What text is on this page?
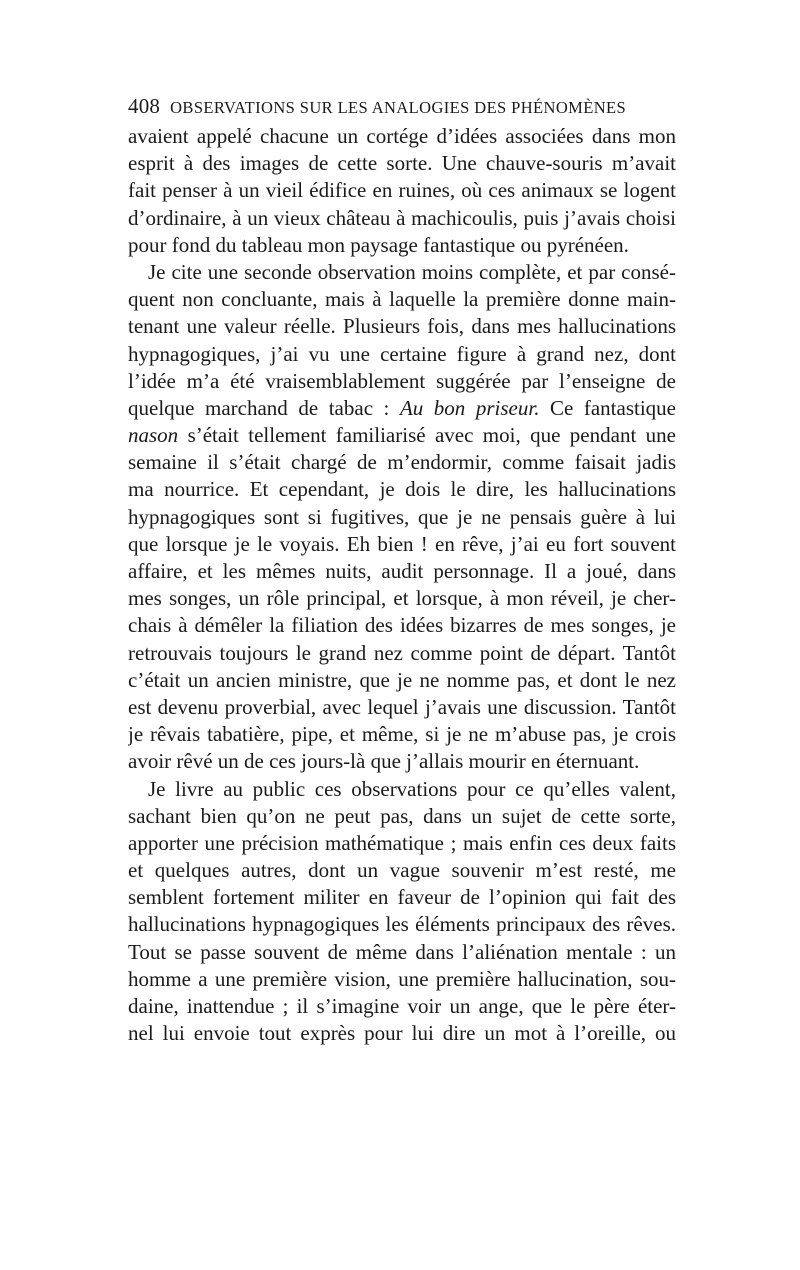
408 OBSERVATIONS SUR LES ANALOGIES DES PHÉNOMÈNES
avaient appelé chacune un cortége d’idées associées dans mon
esprit à des images de cette sorte. Une chauve-souris m’avait
fait penser à un vieil édifice en ruines, où ces animaux se logent
d’ordinaire, à un vieux château à machicoulis, puis j’avais choisi
pour fond du tableau mon paysage fantastique ou pyrénéen.
Je cite une seconde observation moins complète, et par consé-
quent non concluante, mais à laquelle la première donne main-
tenant une valeur réelle. Plusieurs fois, dans mes hallucinations
hypnagogiques, j’ai vu une certaine figure à grand nez, dont
l’idée m’a été vraisemblablement suggérée par l’enseigne de
quelque marchand de tabac : Au bon priseur. Ce fantastique
nason s’était tellement familiarisé avec moi, que pendant une
semaine il s’était chargé de m’endormir, comme faisait jadis
ma nourrice. Et cependant, je dois le dire, les hallucinations
hypnagogiques sont si fugitives, que je ne pensais guère à lui
que lorsque je le voyais. Eh bien ! en rêve, j’ai eu fort souvent
affaire, et les mêmes nuits, audit personnage. Il a joué, dans
mes songes, un rôle principal, et lorsque, à mon réveil, je cher-
chais à démêler la filiation des idées bizarres de mes songes, je
retrouvais toujours le grand nez comme point de départ. Tantôt
c’était un ancien ministre, que je ne nomme pas, et dont le nez
est devenu proverbial, avec lequel j’avais une discussion. Tantôt
je rêvais tabatière, pipe, et même, si je ne m’abuse pas, je crois
avoir rêvé un de ces jours-là que j’allais mourir en éternuant.
Je livre au public ces observations pour ce qu’elles valent,
sachant bien qu’on ne peut pas, dans un sujet de cette sorte,
apporter une précision mathématique ; mais enfin ces deux faits
et quelques autres, dont un vague souvenir m’est resté, me
semblent fortement militer en faveur de l’opinion qui fait des
hallucinations hypnagogiques les éléments principaux des rêves.
Tout se passe souvent de même dans l’aliénation mentale : un
homme a une première vision, une première hallucination, sou-
daine, inattendue ; il s’imagine voir un ange, que le père éter-
nel lui envoie tout exprès pour lui dire un mot à l’oreille, ou
